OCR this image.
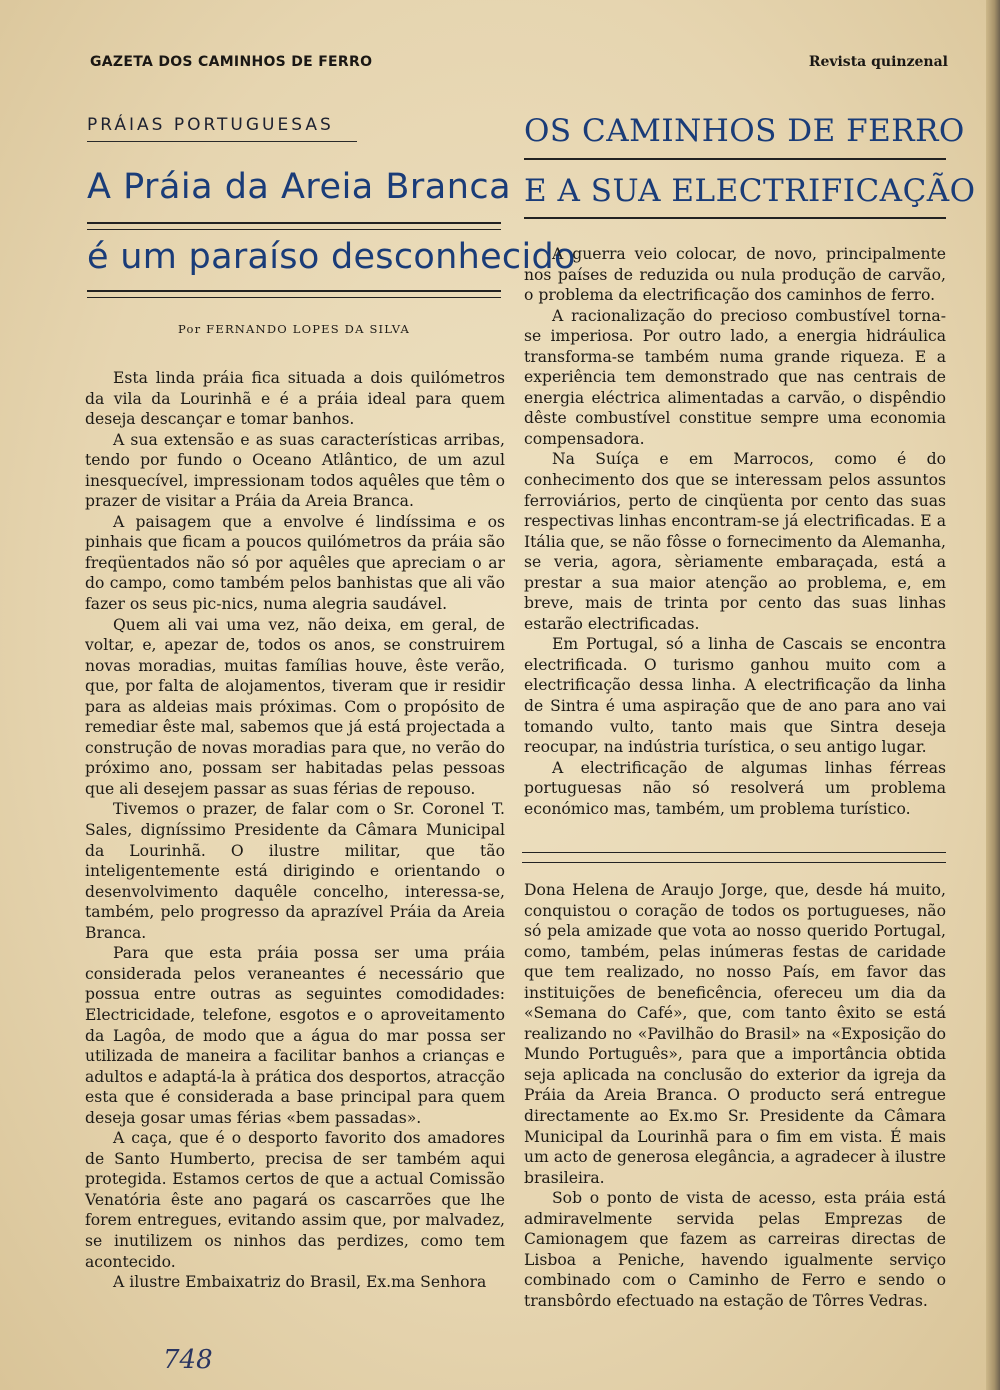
GAZETA DOS CAMINHOS DE FERRO	Revista quinzenal
PRÁIAS PORTUGUESAS
A Práia da Areia Branca
é um paraíso desconhecido
Por FERNANDO LOPES DA SILVA

Esta linda práia fica situada a dois quilómetros da vila da Lourinhã e é a práia ideal para quem deseja descançar e tomar banhos.

A sua extensão e as suas características arribas, tendo por fundo o Oceano Atlântico, de um azul inesquecível, impressionam todos aquêles que têm o prazer de visitar a Práia da Areia Branca.

A paisagem que a envolve é lindíssima e os pinhais que ficam a poucos quilómetros da práia são freqüentados não só por aquêles que apreciam o ar do campo, como também pelos banhistas que ali vão fazer os seus pic-nics, numa alegria saudável.

Quem ali vai uma vez, não deixa, em geral, de voltar, e, apezar de, todos os anos, se construirem novas moradias, muitas famílias houve, êste verão, que, por falta de alojamentos, tiveram que ir residir para as aldeias mais próximas. Com o propósito de remediar êste mal, sabemos que já está projectada a construção de novas moradias para que, no verão do próximo ano, possam ser habitadas pelas pessoas que ali desejem passar as suas férias de repouso.

Tivemos o prazer, de falar com o Sr. Coronel T. Sales, digníssimo Presidente da Câmara Municipal da Lourinhã. O ilustre militar, que tão inteligentemente está dirigindo e orientando o desenvolvimento daquêle concelho, interessa-se, também, pelo progresso da aprazível Práia da Areia Branca.

Para que esta práia possa ser uma práia considerada pelos veraneantes é necessário que possua entre outras as seguintes comodidades: Electricidade, telefone, esgotos e o aproveitamento da Lagôa, de modo que a água do mar possa ser utilizada de maneira a facilitar banhos a crianças e adultos e adaptá-la à prática dos desportos, atracção esta que é considerada a base principal para quem deseja gosar umas férias «bem passadas».

A caça, que é o desporto favorito dos amadores de Santo Humberto, precisa de ser também aqui protegida. Estamos certos de que a actual Comissão Venatória êste ano pagará os cascarrões que lhe forem entregues, evitando assim que, por malvadez, se inutilizem os ninhos das perdizes, como tem acontecido.

A ilustre Embaixatriz do Brasil, Ex.ma Senhora

OS CAMINHOS DE FERRO
E A SUA ELECTRIFICAÇÃO

A guerra veio colocar, de novo, principalmente nos países de reduzida ou nula produção de carvão, o problema da electrificação dos caminhos de ferro.

A racionalização do precioso combustível torna-se imperiosa. Por outro lado, a energia hidráulica transforma-se também numa grande riqueza. E a experiência tem demonstrado que nas centrais de energia eléctrica alimentadas a carvão, o dispêndio dêste combustível constitue sempre uma economia compensadora.

Na Suíça e em Marrocos, como é do conhecimento dos que se interessam pelos assuntos ferroviários, perto de cinqüenta por cento das suas respectivas linhas encontram-se já electrificadas. E a Itália que, se não fôsse o fornecimento da Alemanha, se veria, agora, sèriamente embaraçada, está a prestar a sua maior atenção ao problema, e, em breve, mais de trinta por cento das suas linhas estarão electrificadas.

Em Portugal, só a linha de Cascais se encontra electrificada. O turismo ganhou muito com a electrificação dessa linha. A electrificação da linha de Sintra é uma aspiração que de ano para ano vai tomando vulto, tanto mais que Sintra deseja reocupar, na indústria turística, o seu antigo lugar.

A electrificação de algumas linhas férreas portuguesas não só resolverá um problema económico mas, também, um problema turístico.

Dona Helena de Araujo Jorge, que, desde há muito, conquistou o coração de todos os portugueses, não só pela amizade que vota ao nosso querido Portugal, como, também, pelas inúmeras festas de caridade que tem realizado, no nosso País, em favor das instituições de beneficência, ofereceu um dia da «Semana do Café», que, com tanto êxito se está realizando no «Pavilhão do Brasil» na «Exposição do Mundo Português», para que a importância obtida seja aplicada na conclusão do exterior da igreja da Práia da Areia Branca. O producto será entregue directamente ao Ex.mo Sr. Presidente da Câmara Municipal da Lourinhã para o fim em vista. É mais um acto de generosa elegância, a agradecer à ilustre brasileira.

Sob o ponto de vista de acesso, esta práia está admiravelmente servida pelas Emprezas de Camionagem que fazem as carreiras directas de Lisboa a Peniche, havendo igualmente serviço combinado com o Caminho de Ferro e sendo o transbôrdo efectuado na estação de Tôrres Vedras.

748
